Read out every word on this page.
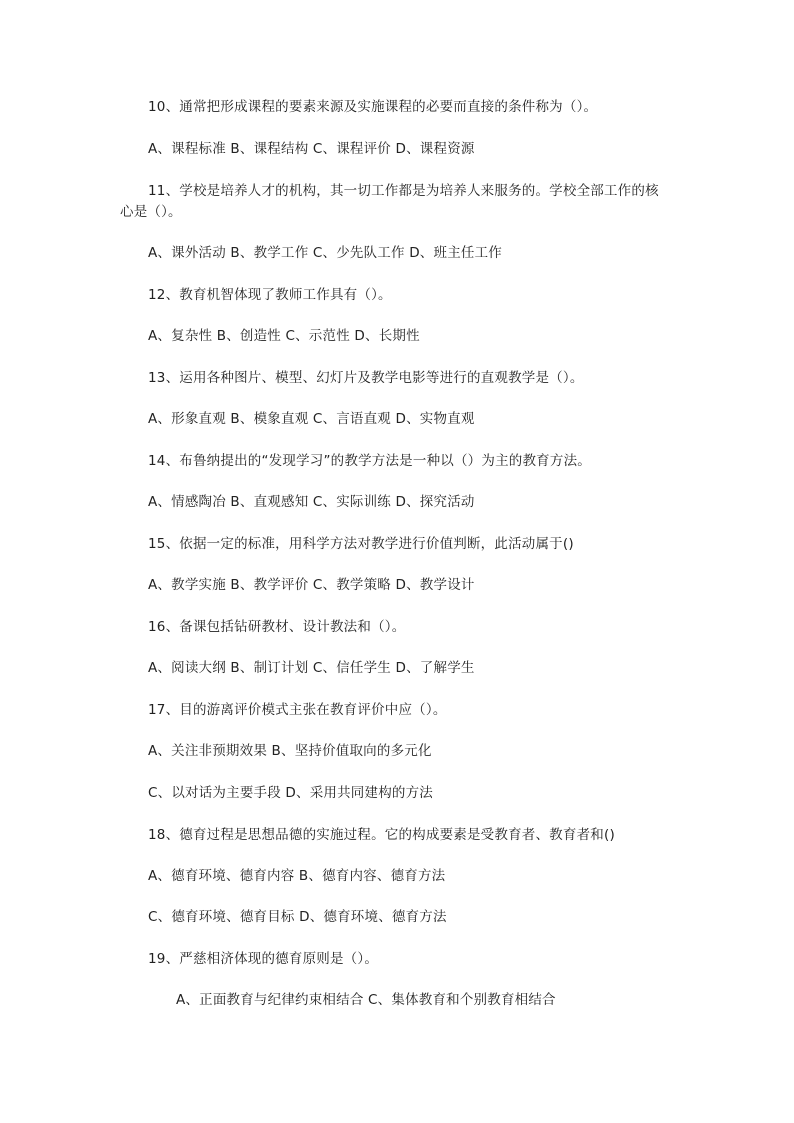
10、通常把形成课程的要素来源及实施课程的必要而直接的条件称为（）。
A、课程标准 B、课程结构 C、课程评价 D、课程资源
11、学校是培养人才的机构，其一切工作都是为培养人来服务的。学校全部工作的核
心是（）。
A、课外活动 B、教学工作 C、少先队工作 D、班主任工作
12、教育机智体现了教师工作具有（）。
A、复杂性 B、创造性 C、示范性 D、长期性
13、运用各种图片、模型、幻灯片及教学电影等进行的直观教学是（）。
A、形象直观 B、模象直观 C、言语直观 D、实物直观
14、布鲁纳提出的“发现学习”的教学方法是一种以（）为主的教育方法。
A、情感陶冶 B、直观感知 C、实际训练 D、探究活动
15、依据一定的标准，用科学方法对教学进行价值判断，此活动属于()
A、教学实施 B、教学评价 C、教学策略 D、教学设计
16、备课包括钻研教材、设计教法和（）。
A、阅读大纲 B、制订计划 C、信任学生 D、了解学生
17、目的游离评价模式主张在教育评价中应（）。
A、关注非预期效果 B、坚持价值取向的多元化
C、以对话为主要手段 D、采用共同建构的方法
18、德育过程是思想品德的实施过程。它的构成要素是受教育者、教育者和()
A、德育环境、德育内容 B、德育内容、德育方法
C、德育环境、德育目标 D、德育环境、德育方法
19、严慈相济体现的德育原则是（）。
A、正面教育与纪律约束相结合 C、集体教育和个别教育相结合
